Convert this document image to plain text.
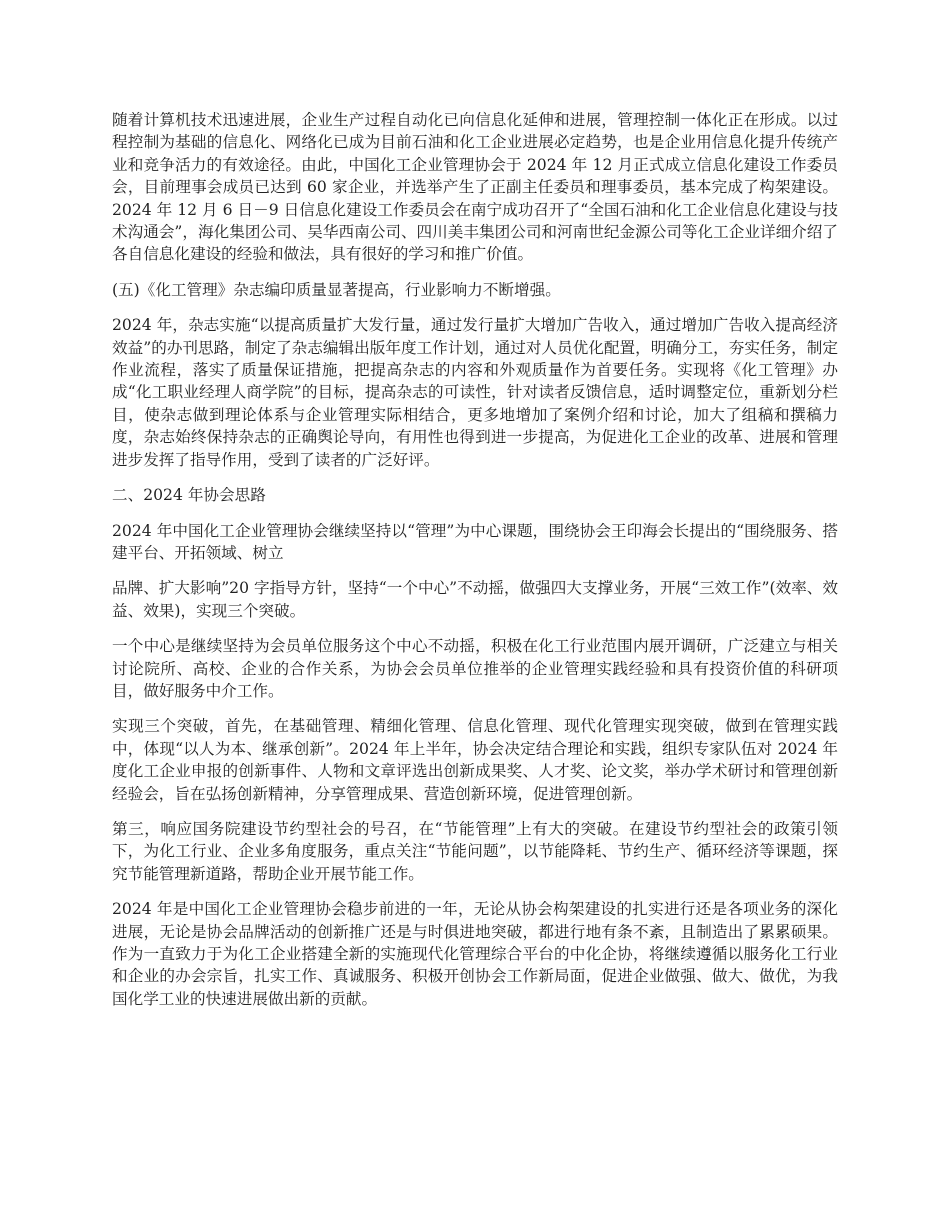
随着计算机技术迅速进展，企业生产过程自动化已向信息化延伸和进展，管理控制一体化正在形成。以过程控制为基础的信息化、网络化已成为目前石油和化工企业进展必定趋势，也是企业用信息化提升传统产业和竞争活力的有效途径。由此，中国化工企业管理协会于 2024 年 12 月正式成立信息化建设工作委员会，目前理事会成员已达到 60 家企业，并选举产生了正副主任委员和理事委员，基本完成了构架建设。2024 年 12 月 6 日－9 日信息化建设工作委员会在南宁成功召开了“全国石油和化工企业信息化建设与技术沟通会”，海化集团公司、吴华西南公司、四川美丰集团公司和河南世纪金源公司等化工企业详细介绍了各自信息化建设的经验和做法，具有很好的学习和推广价值。

(五)《化工管理》杂志编印质量显著提高，行业影响力不断增强。

2024 年，杂志实施“以提高质量扩大发行量，通过发行量扩大增加广告收入，通过增加广告收入提高经济效益”的办刊思路，制定了杂志编辑出版年度工作计划，通过对人员优化配置，明确分工，夯实任务，制定作业流程，落实了质量保证措施，把提高杂志的内容和外观质量作为首要任务。实现将《化工管理》办成“化工职业经理人商学院”的目标，提高杂志的可读性，针对读者反馈信息，适时调整定位，重新划分栏目，使杂志做到理论体系与企业管理实际相结合，更多地增加了案例介绍和讨论，加大了组稿和撰稿力度，杂志始终保持杂志的正确舆论导向，有用性也得到进一步提高，为促进化工企业的改革、进展和管理进步发挥了指导作用，受到了读者的广泛好评。

二、2024 年协会思路

2024 年中国化工企业管理协会继续坚持以“管理”为中心课题，围绕协会王印海会长提出的“围绕服务、搭建平台、开拓领域、树立

品牌、扩大影响”20 字指导方针，坚持“一个中心”不动摇，做强四大支撑业务，开展“三效工作”(效率、效益、效果)，实现三个突破。

一个中心是继续坚持为会员单位服务这个中心不动摇，积极在化工行业范围内展开调研，广泛建立与相关讨论院所、高校、企业的合作关系，为协会会员单位推举的企业管理实践经验和具有投资价值的科研项目，做好服务中介工作。

实现三个突破，首先，在基础管理、精细化管理、信息化管理、现代化管理实现突破，做到在管理实践中，体现“以人为本、继承创新”。2024 年上半年，协会决定结合理论和实践，组织专家队伍对 2024 年度化工企业申报的创新事件、人物和文章评选出创新成果奖、人才奖、论文奖，举办学术研讨和管理创新经验会，旨在弘扬创新精神，分享管理成果、营造创新环境，促进管理创新。

第三，响应国务院建设节约型社会的号召，在“节能管理”上有大的突破。在建设节约型社会的政策引领下，为化工行业、企业多角度服务，重点关注“节能问题”，以节能降耗、节约生产、循环经济等课题，探究节能管理新道路，帮助企业开展节能工作。

2024 年是中国化工企业管理协会稳步前进的一年，无论从协会构架建设的扎实进行还是各项业务的深化进展，无论是协会品牌活动的创新推广还是与时俱进地突破，都进行地有条不紊，且制造出了累累硕果。作为一直致力于为化工企业搭建全新的实施现代化管理综合平台的中化企协，将继续遵循以服务化工行业和企业的办会宗旨，扎实工作、真诚服务、积极开创协会工作新局面，促进企业做强、做大、做优，为我国化学工业的快速进展做出新的贡献。
